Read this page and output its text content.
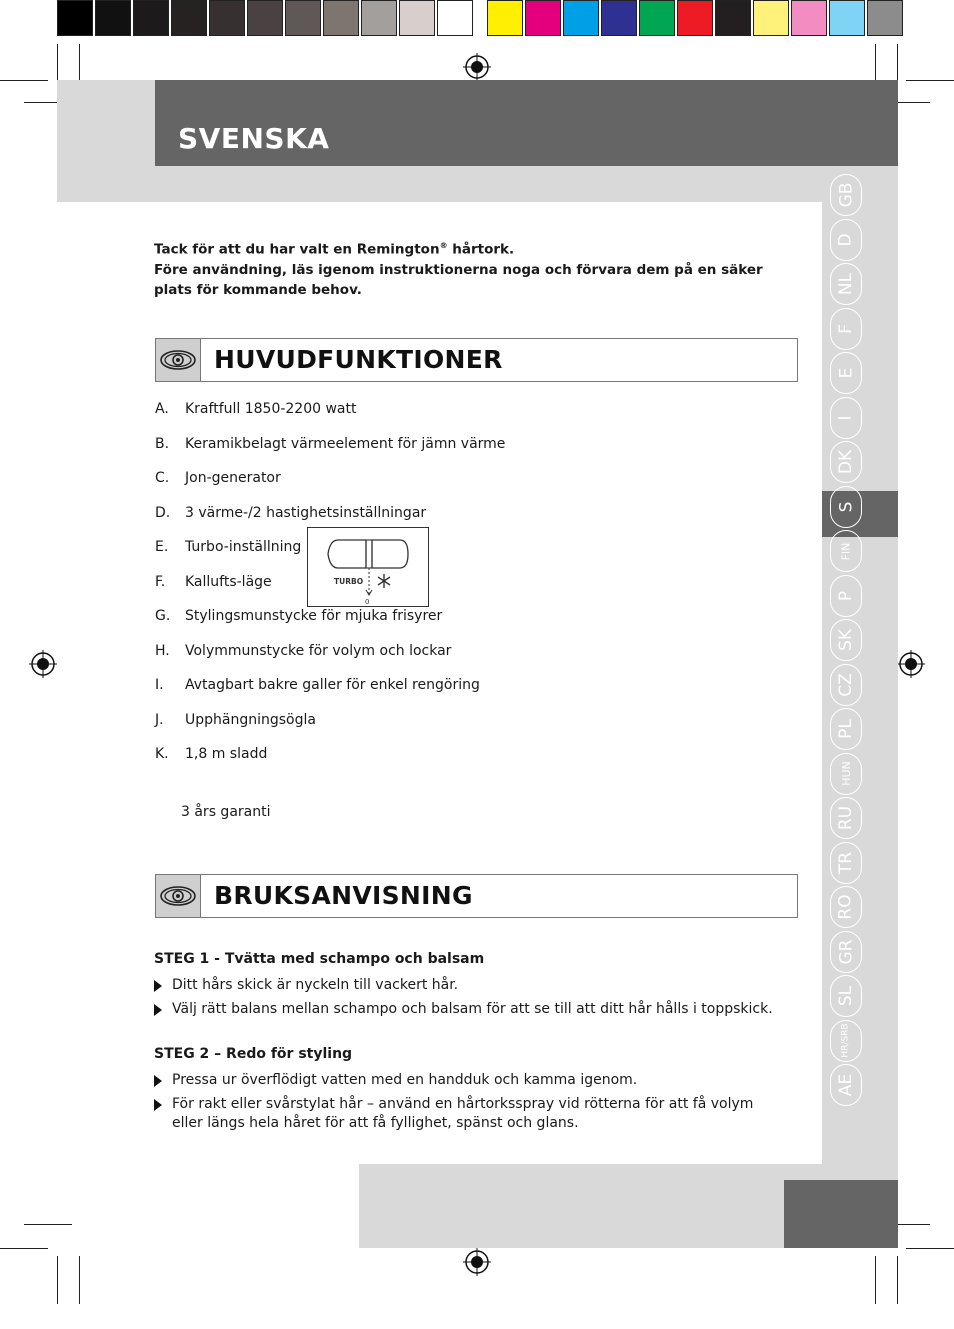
SVENSKA
GB
D
NL
F
E
I
DK
S
FIN
P
SK
CZ
PL
HUN
RU
TR
RO
GR
SL
HR/SRB
AE

Tack för att du har valt en Remington® hårtork.

Före användning, läs igenom instruktionerna noga och förvara dem på en säker plats för kommande behov.

HUVUDFUNKTIONER
A. Kraftfull 1850-2200 watt
B. Keramikbelagt värmeelement för jämn värme
C. Jon-generator
D. 3 värme-/2 hastighetsinställningar
E. Turbo-inställning
F. Kallufts-läge
G. Stylingsmunstycke för mjuka frisyrer
H. Volymmunstycke för volym och lockar
I. Avtagbart bakre galler för enkel rengöring
J. Upphängningsögla
K. 1,8 m sladd
TURBO
0
3 års garanti
BRUKSANVISNING
STEG 1 - Tvätta med schampo och balsam
Ditt hårs skick är nyckeln till vackert hår.
Välj rätt balans mellan schampo och balsam för att se till att ditt hår hålls i toppskick.
STEG 2 – Redo för styling
Pressa ur överflödigt vatten med en handduk och kamma igenom.
För rakt eller svårstylat hår – använd en hårtorksspray vid rötterna för att få volym eller längs hela håret för att få fyllighet, spänst och glans.
